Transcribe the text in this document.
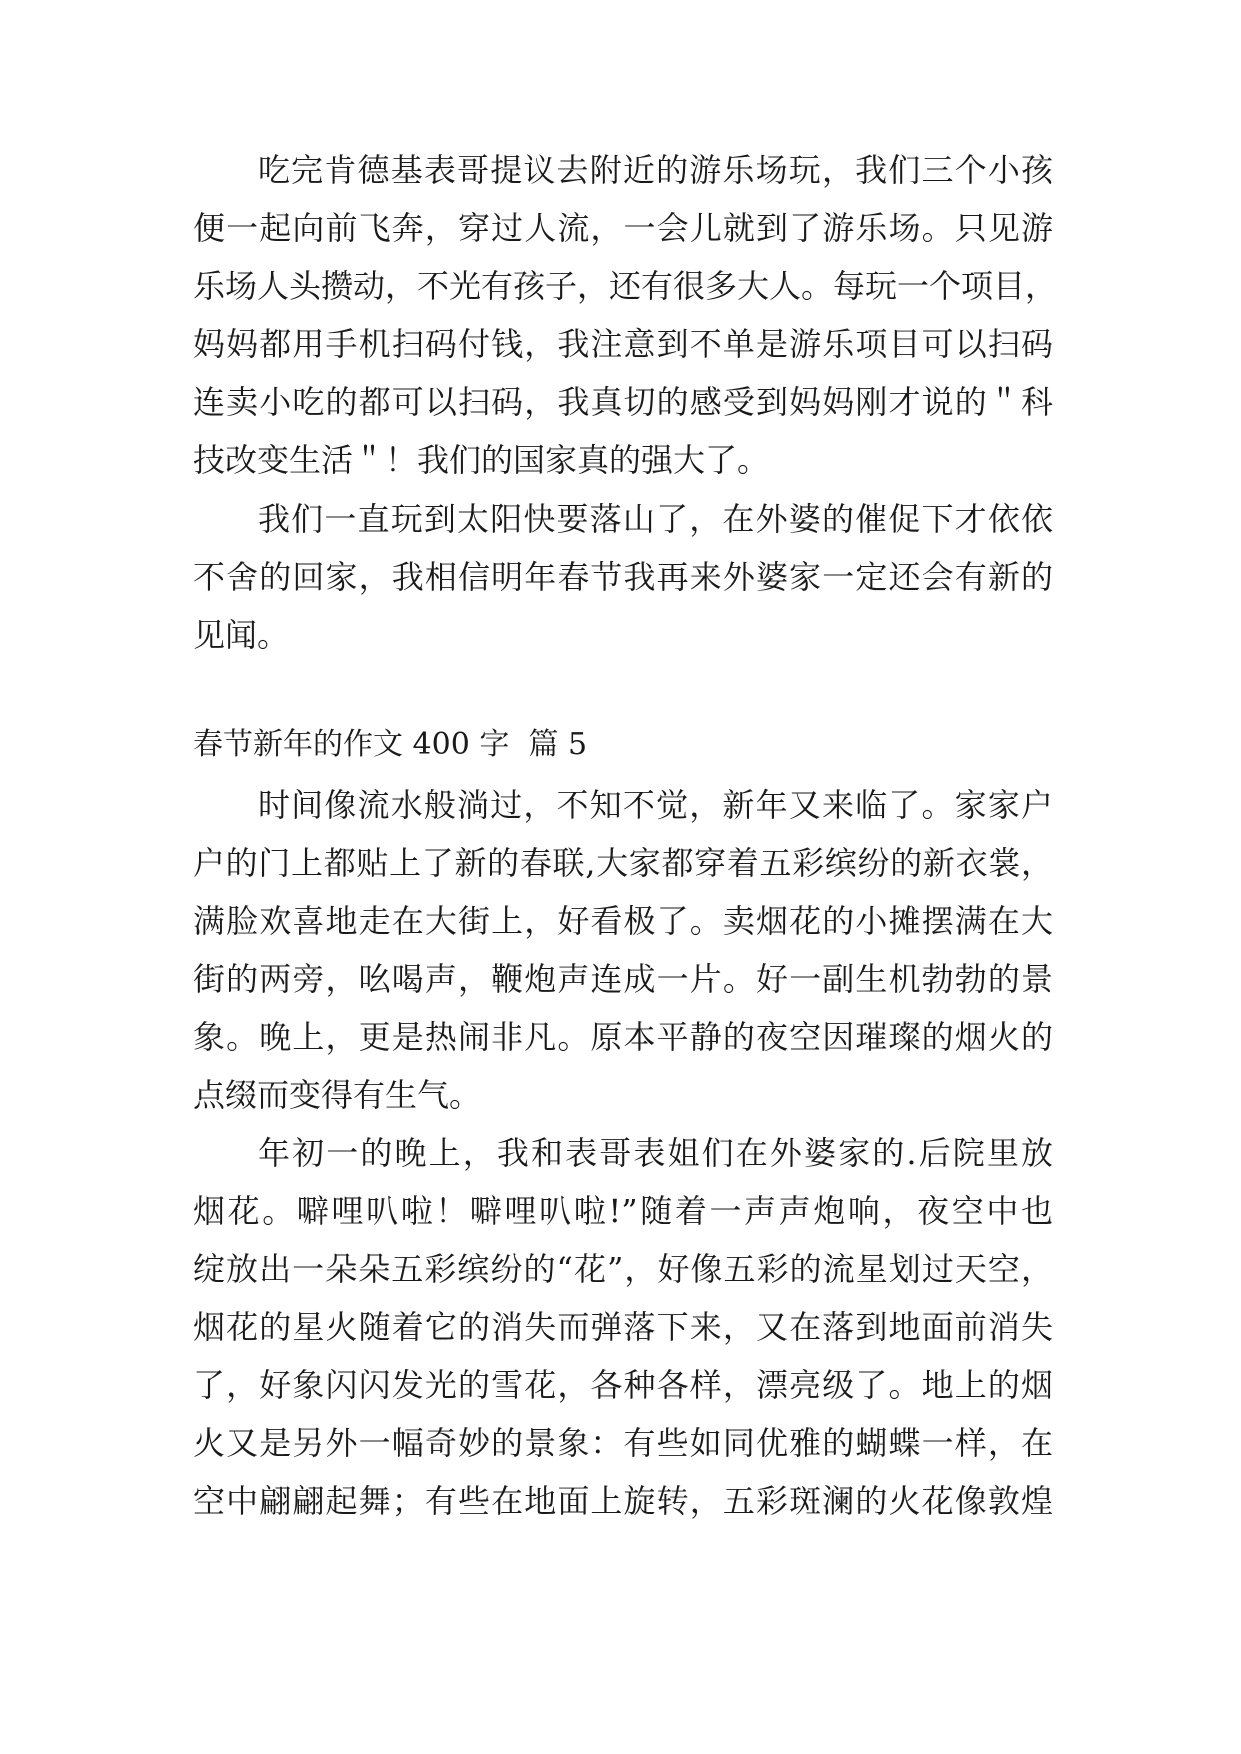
吃完肯德基表哥提议去附近的游乐场玩，我们三个小孩
便一起向前飞奔，穿过人流，一会儿就到了游乐场。只见游
乐场人头攒动，不光有孩子，还有很多大人。每玩一个项目，
妈妈都用手机扫码付钱，我注意到不单是游乐项目可以扫码
连卖小吃的都可以扫码，我真切的感受到妈妈刚才说的＂科
技改变生活＂！我们的国家真的强大了。
我们一直玩到太阳快要落山了，在外婆的催促下才依依
不舍的回家，我相信明年春节我再来外婆家一定还会有新的
见闻。
春节新年的作文 400 字  篇 5
时间像流水般淌过，不知不觉，新年又来临了。家家户
户的门上都贴上了新的春联,大家都穿着五彩缤纷的新衣裳，
满脸欢喜地走在大街上，好看极了。卖烟花的小摊摆满在大
街的两旁，吆喝声，鞭炮声连成一片。好一副生机勃勃的景
象。晚上，更是热闹非凡。原本平静的夜空因璀璨的烟火的
点缀而变得有生气。
年初一的晚上，我和表哥表姐们在外婆家的.后院里放
烟花。噼哩叭啦！噼哩叭啦!”随着一声声炮响，夜空中也
绽放出一朵朵五彩缤纷的“花”，好像五彩的流星划过天空，
烟花的星火随着它的消失而弹落下来，又在落到地面前消失
了，好象闪闪发光的雪花，各种各样，漂亮级了。地上的烟
火又是另外一幅奇妙的景象：有些如同优雅的蝴蝶一样，在
空中翩翩起舞；有些在地面上旋转，五彩斑澜的火花像敦煌
